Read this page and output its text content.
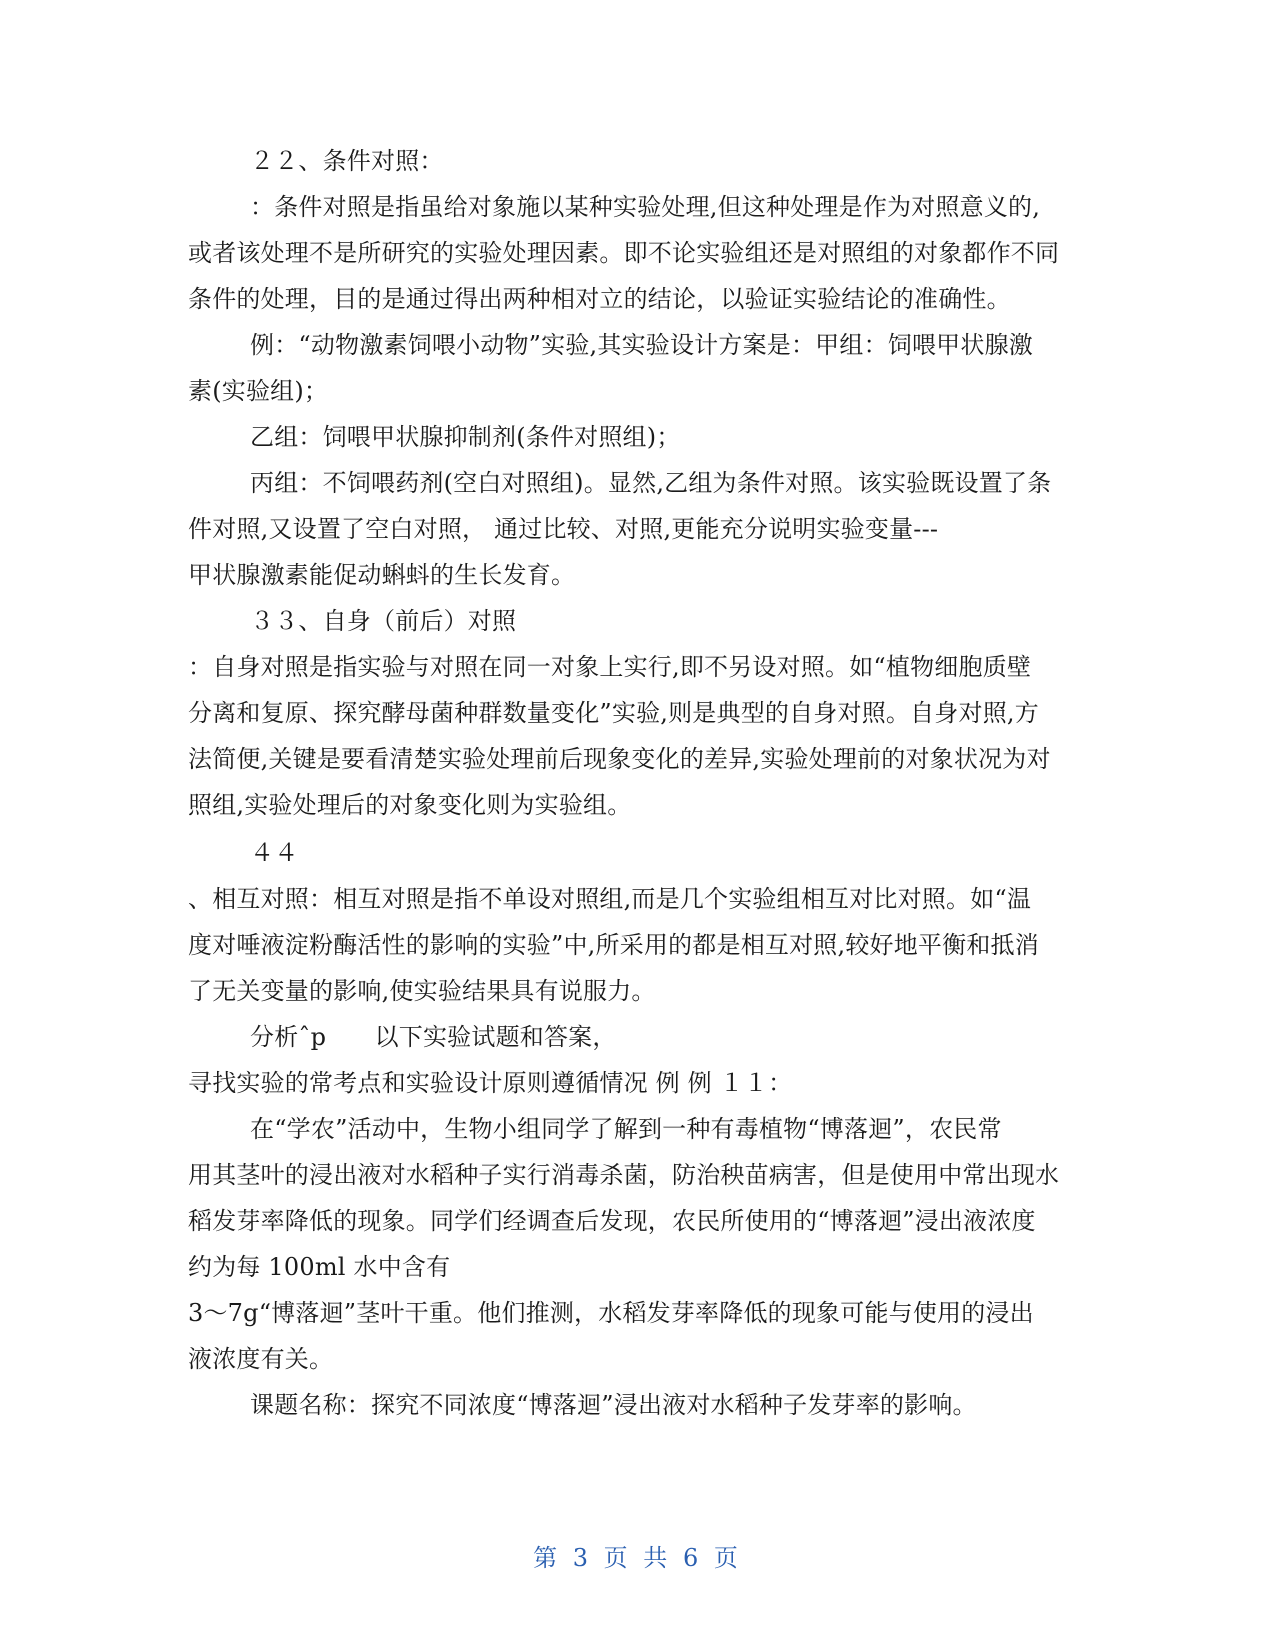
２２、条件对照：
：条件对照是指虽给对象施以某种实验处理,但这种处理是作为对照意义的,
或者该处理不是所研究的实验处理因素。即不论实验组还是对照组的对象都作不同
条件的处理，目的是通过得出两种相对立的结论，以验证实验结论的准确性。
例：“动物激素饲喂小动物”实验,其实验设计方案是：甲组：饲喂甲状腺激
素(实验组)；
乙组：饲喂甲状腺抑制剂(条件对照组)；
丙组：不饲喂药剂(空白对照组)。显然,乙组为条件对照。该实验既设置了条
件对照,又设置了空白对照， 通过比较、对照,更能充分说明实验变量---
甲状腺激素能促动蝌蚪的生长发育。
３３、自身（前后）对照
：自身对照是指实验与对照在同一对象上实行,即不另设对照。如“植物细胞质壁
分离和复原、探究酵母菌种群数量变化”实验,则是典型的自身对照。自身对照,方
法简便,关键是要看清楚实验处理前后现象变化的差异,实验处理前的对象状况为对
照组,实验处理后的对象变化则为实验组。
４４
、相互对照：相互对照是指不单设对照组,而是几个实验组相互对比对照。如“温
度对唾液淀粉酶活性的影响的实验”中,所采用的都是相互对照,较好地平衡和抵消
了无关变量的影响,使实验结果具有说服力。
分析ˆp　　以下实验试题和答案，
寻找实验的常考点和实验设计原则遵循情况 例 例 １１：
在“学农”活动中，生物小组同学了解到一种有毒植物“博落迴”，农民常
用其茎叶的浸出液对水稻种子实行消毒杀菌，防治秧苗病害，但是使用中常出现水
稻发芽率降低的现象。同学们经调查后发现，农民所使用的“博落迴”浸出液浓度
约为每 100ml 水中含有
3～7g“博落迴”茎叶干重。他们推测，水稻发芽率降低的现象可能与使用的浸出
液浓度有关。
课题名称：探究不同浓度“博落迴”浸出液对水稻种子发芽率的影响。
第 3 页 共 6 页
